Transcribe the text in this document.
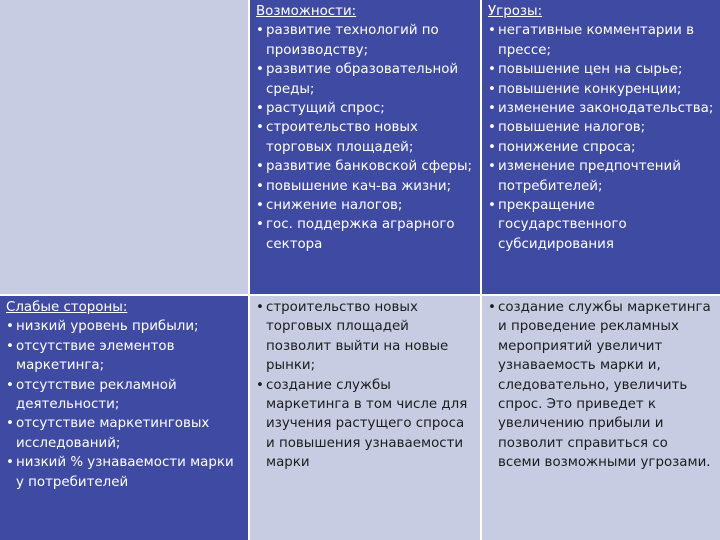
Возможности:
• развитие технологий по производству;
• развитие образовательной среды;
• растущий спрос;
• строительство новых торговых площадей;
• развитие банковской сферы;
• повышение кач-ва жизни;
• снижение налогов;
• гос. поддержка аграрного сектора
Угрозы:
• негативные комментарии в прессе;
• повышение цен на сырье;
• повышение конкуренции;
• изменение законодательства;
• повышение налогов;
• понижение спроса;
• изменение предпочтений потребителей;
• прекращение государственного субсидирования
Слабые стороны:
• низкий уровень прибыли;
• отсутствие элементов маркетинга;
• отсутствие рекламной деятельности;
• отсутствие маркетинговых исследований;
• низкий % узнаваемости марки у потребителей
• строительство новых торговых площадей позволит выйти на новые рынки;
• создание службы маркетинга в том числе для изучения растущего спроса и повышения узнаваемости марки
• создание службы маркетинга и проведение рекламных мероприятий увеличит узнаваемость марки и, следовательно, увеличить спрос. Это приведет к увеличению прибыли и позволит справиться со всеми возможными угрозами.
